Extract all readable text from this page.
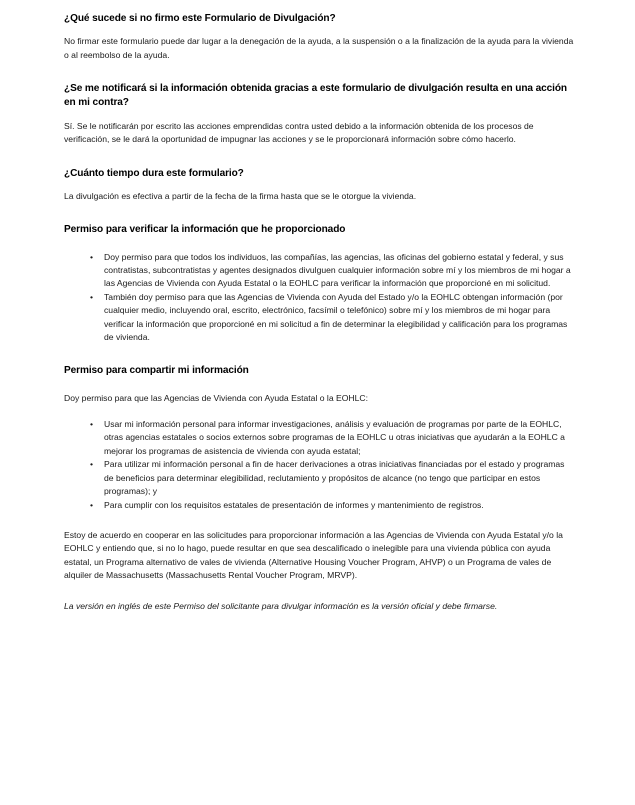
¿Qué sucede si no firmo este Formulario de Divulgación?

No firmar este formulario puede dar lugar a la denegación de la ayuda, a la suspensión o a la finalización de la ayuda para la vivienda o al reembolso de la ayuda.

¿Se me notificará si la información obtenida gracias a este formulario de divulgación resulta en una acción en mi contra?

Sí. Se le notificarán por escrito las acciones emprendidas contra usted debido a la información obtenida de los procesos de verificación, se le dará la oportunidad de impugnar las acciones y se le proporcionará información sobre cómo hacerlo.

¿Cuánto tiempo dura este formulario?

La divulgación es efectiva a partir de la fecha de la firma hasta que se le otorgue la vivienda.

Permiso para verificar la información que he proporcionado
• Doy permiso para que todos los individuos, las compañías, las agencias, las oficinas del gobierno estatal y federal, y sus contratistas, subcontratistas y agentes designados divulguen cualquier información sobre mí y los miembros de mi hogar a las Agencias de Vivienda con Ayuda Estatal o la EOHLC para verificar la información que proporcioné en mi solicitud.
• También doy permiso para que las Agencias de Vivienda con Ayuda del Estado y/o la EOHLC obtengan información (por cualquier medio, incluyendo oral, escrito, electrónico, facsímil o telefónico) sobre mí y los miembros de mi hogar para verificar la información que proporcioné en mi solicitud a fin de determinar la elegibilidad y calificación para los programas de vivienda.
Permiso para compartir mi información

Doy permiso para que las Agencias de Vivienda con Ayuda Estatal o la EOHLC:

• Usar mi información personal para informar investigaciones, análisis y evaluación de programas por parte de la EOHLC, otras agencias estatales o socios externos sobre programas de la EOHLC u otras iniciativas que ayudarán a la EOHLC a mejorar los programas de asistencia de vivienda con ayuda estatal;
• Para utilizar mi información personal a fin de hacer derivaciones a otras iniciativas financiadas por el estado y programas de beneficios para determinar elegibilidad, reclutamiento y propósitos de alcance (no tengo que participar en estos programas); y
• Para cumplir con los requisitos estatales de presentación de informes y mantenimiento de registros.

Estoy de acuerdo en cooperar en las solicitudes para proporcionar información a las Agencias de Vivienda con Ayuda Estatal y/o la EOHLC y entiendo que, si no lo hago, puede resultar en que sea descalificado o inelegible para una vivienda pública con ayuda estatal, un Programa alternativo de vales de vivienda (Alternative Housing Voucher Program, AHVP) o un Programa de vales de alquiler de Massachusetts (Massachusetts Rental Voucher Program, MRVP).

La versión en inglés de este Permiso del solicitante para divulgar información es la versión oficial y debe firmarse.
